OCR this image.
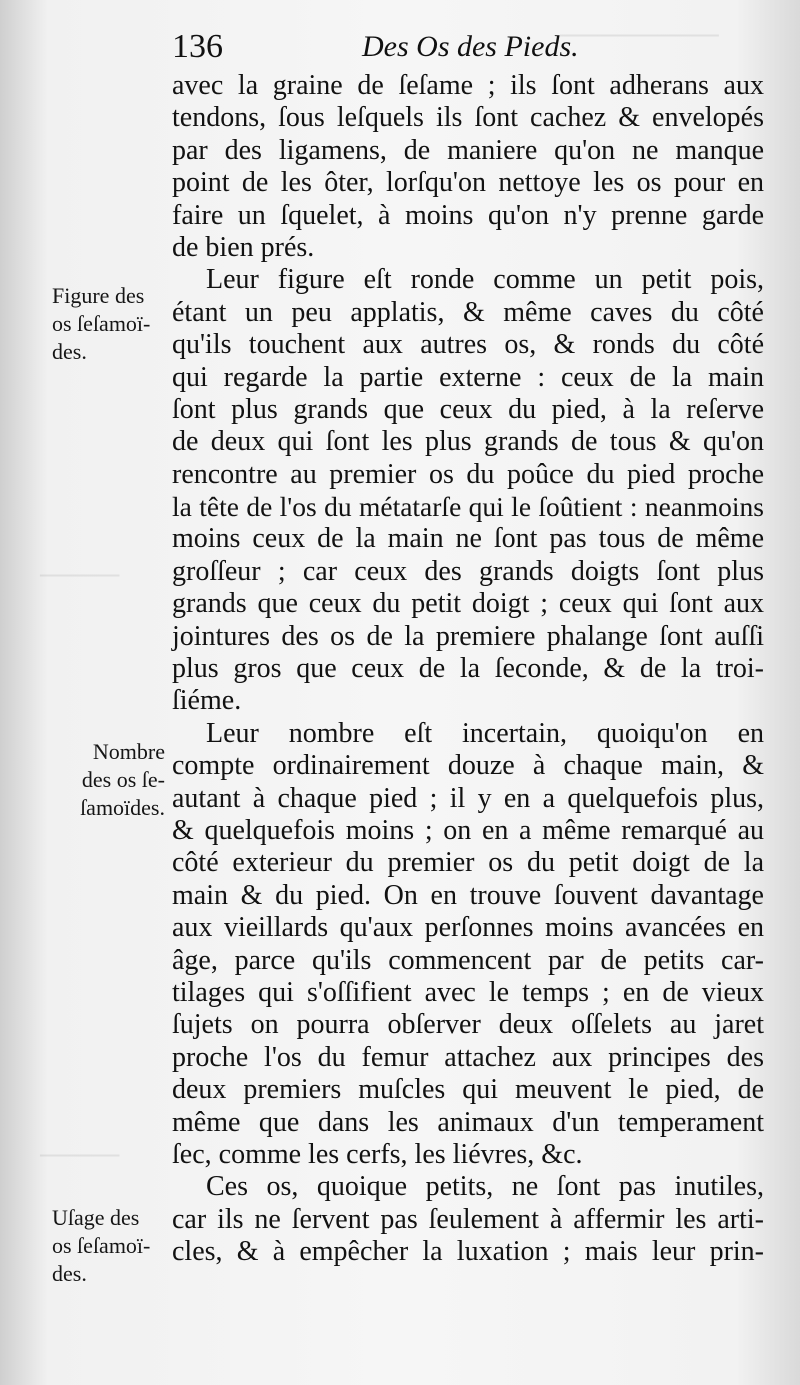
────────
────
────
136	Des Os des Pieds.
Figure des
os ſeſamoï-
des.
Nombre
des os ſe-
ſamoïdes.
Uſage des
os ſeſamoï-
des.
avec la graine de ſeſame ; ils ſont adherans aux
tendons, ſous leſquels ils ſont cachez & envelopés
par des ligamens, de maniere qu'on ne manque
point de les ôter, lorſqu'on nettoye les os pour en
faire un ſquelet, à moins qu'on n'y prenne garde
de bien prés.
Leur figure eſt ronde comme un petit pois,
étant un peu applatis, & même caves du côté
qu'ils touchent aux autres os, & ronds du côté
qui regarde la partie externe : ceux de la main
ſont plus grands que ceux du pied, à la reſerve
de deux qui ſont les plus grands de tous & qu'on
rencontre au premier os du poûce du pied proche
la tête de l'os du métatarſe qui le ſoûtient : neanmoins
moins ceux de la main ne ſont pas tous de même
groſſeur ; car ceux des grands doigts ſont plus
grands que ceux du petit doigt ; ceux qui ſont aux
jointures des os de la premiere phalange ſont auſſi
plus gros que ceux de la ſeconde, & de la troi-
ſiéme.
Leur nombre eſt incertain, quoiqu'on en
compte ordinairement douze à chaque main, &
autant à chaque pied ; il y en a quelquefois plus,
& quelquefois moins ; on en a même remarqué au
côté exterieur du premier os du petit doigt de la
main & du pied. On en trouve ſouvent davantage
aux vieillards qu'aux perſonnes moins avancées en
âge, parce qu'ils commencent par de petits car-
tilages qui s'oſſifient avec le temps ; en de vieux
ſujets on pourra obſerver deux oſſelets au jaret
proche l'os du femur attachez aux principes des
deux premiers muſcles qui meuvent le pied, de
même que dans les animaux d'un temperament
ſec, comme les cerfs, les liévres, &c.
Ces os, quoique petits, ne ſont pas inutiles,
car ils ne ſervent pas ſeulement à affermir les arti-
cles, & à empêcher la luxation ; mais leur prin-
